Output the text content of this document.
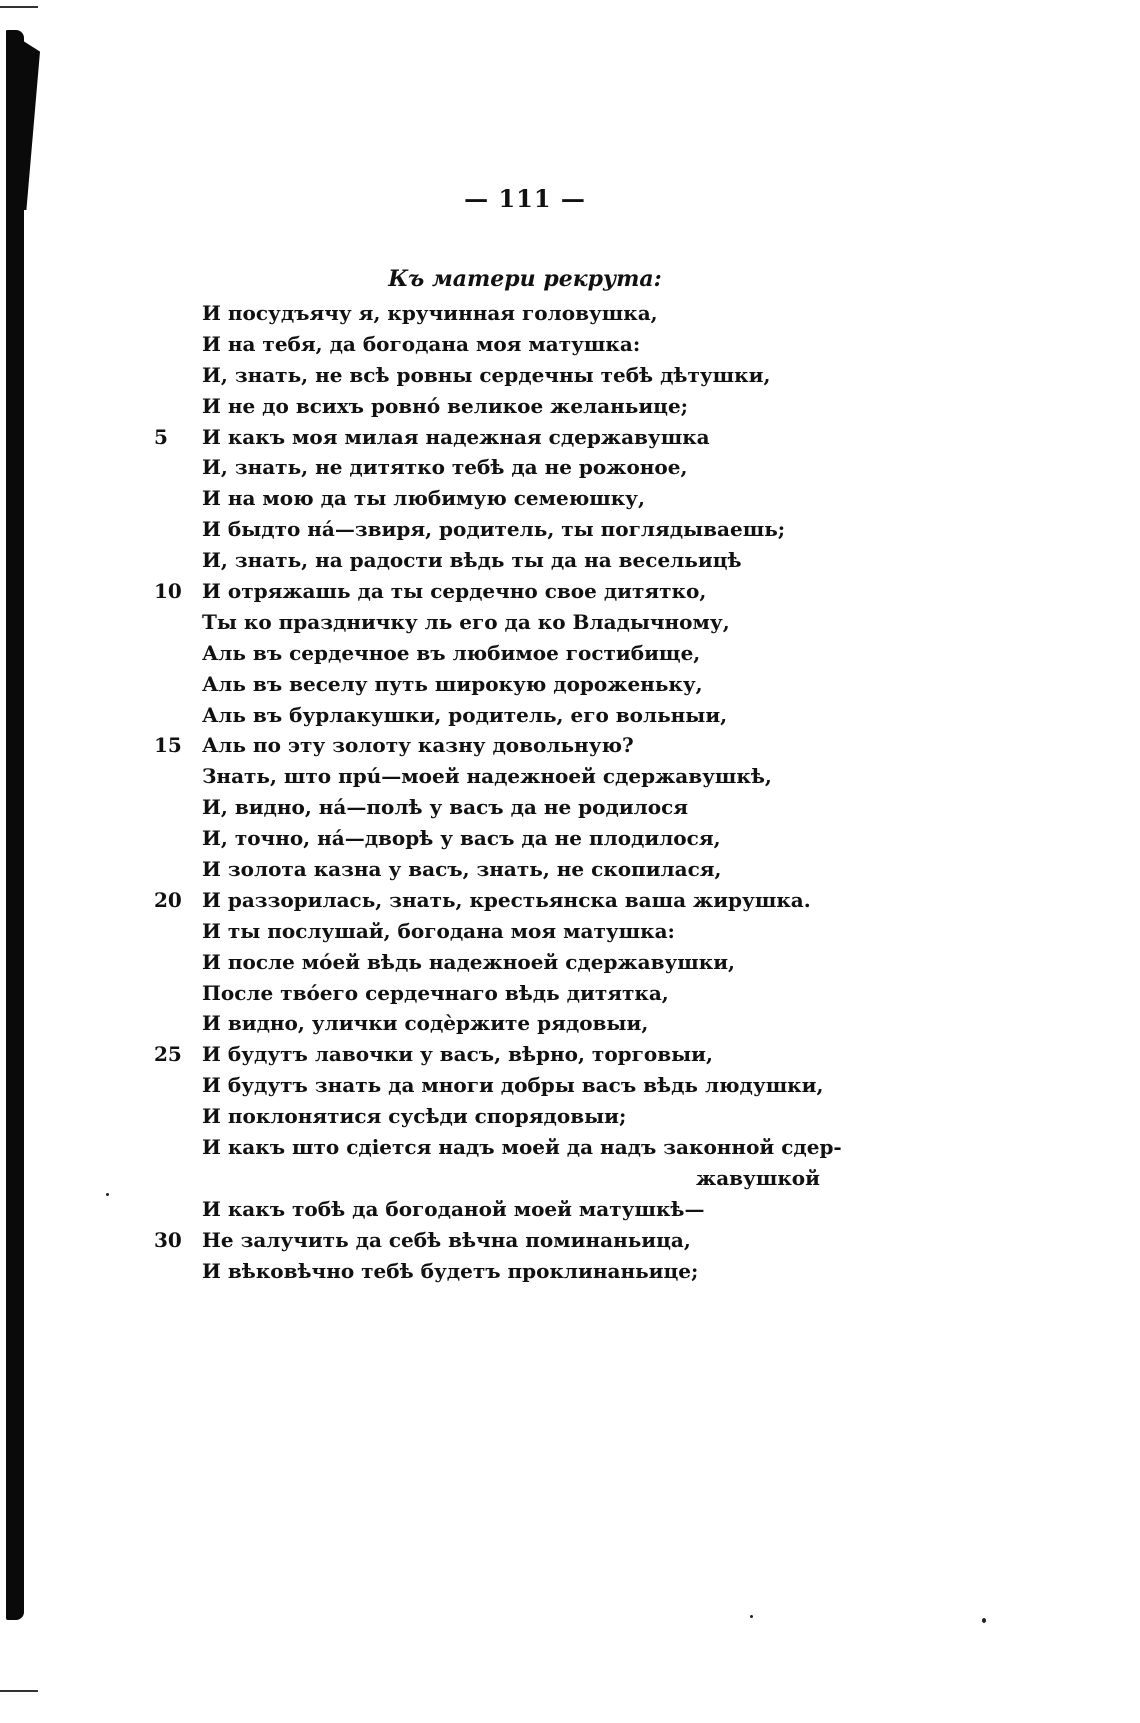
— 111 —
Къ матери рекрута:
И посудъячу я, кручинная головушка,
И на тебя, да богодана моя матушка:
И, знать, не всѣ ровны сердечны тебѣ дѣтушки,
И не до всихъ ровнó великое желаньице;
5	И какъ моя милая надежная сдержавушка
И, знать, не дитятко тебѣ да не рожоное,
И на мою да ты любимую семеюшку,
И быдто нá—звиря, родитель, ты поглядываешь;
И, знать, на радости вѣдь ты да на весельицѣ
10	И отряжашь да ты сердечно свое дитятко,
Ты ко праздничку ль его да ко Владычному,
Аль въ сердечное въ любимое гостибище,
Аль въ веселу путь широкую дороженьку,
Аль въ бурлакушки, родитель, его вольныи,
15	Аль по эту золоту казну довольную?
Знать, што прú—моей надежноей сдержавушкѣ,
И, видно, нá—полѣ у васъ да не родилося
И, точно, нá—дворѣ у васъ да не плодилося,
И золота казна у васъ, знать, не скопилася,
20	И раззорилась, знать, крестьянска ваша жирушка.
И ты послушай, богодана моя матушка:
И после мóей вѣдь надежноей сдержавушки,
После твóего сердечнаго вѣдь дитятка,
И видно, улички содѐржите рядовыи,
25	И будутъ лавочки у васъ, вѣрно, торговыи,
И будутъ знать да многи добры васъ вѣдь людушки,
И поклонятися сусѣди спорядовыи;
И какъ што сдіется надъ моей да надъ законной сдер-
жавушкой
И какъ тобѣ да богоданой моей матушкѣ—
30	Не залучить да себѣ вѣчна поминаньица,
И вѣковѣчно тебѣ будетъ проклинаньице;
